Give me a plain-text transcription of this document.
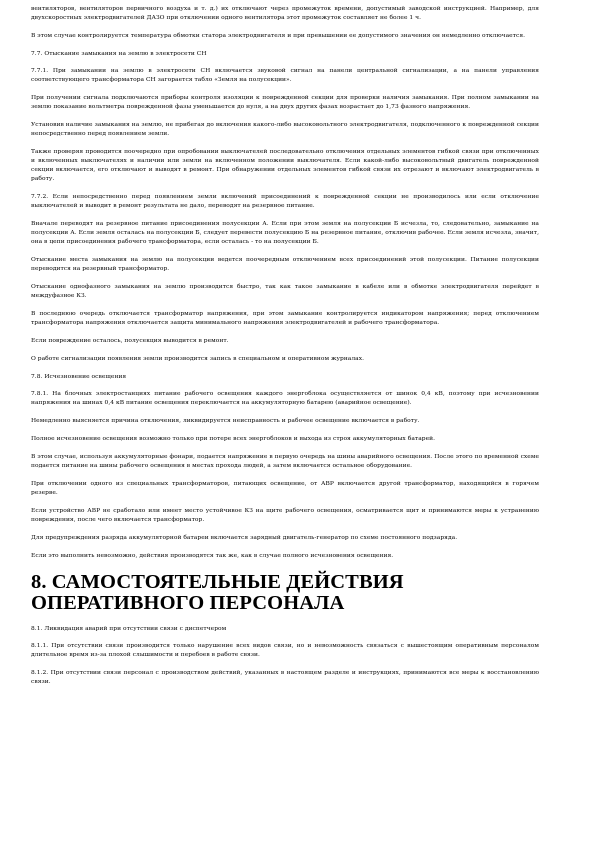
вентиляторов, вентиляторов первичного воздуха и т. д.) их отключают через промежуток времени, допустимый заводской инструкцией. Например, для двухскоростных электродвигателей ДАЗО при отключении одного вентилятора этот промежуток составляет не более 1 ч.

В этом случае контролируется температура обмотки статора электродвигателя и при превышении ее допустимого значения он немедленно отключается.

7.7. Отыскание замыкания на землю в электросети СН

7.7.1. При замыкании на землю в электросети СН включается звуковой сигнал на панели центральной сигнализации, а на панели управления соответствующего трансформатора СН загорается табло «Земля на полусекции».

При получении сигнала подключаются приборы контроля изоляции к поврежденной секции для проверки наличия замыкания. При полном замыкании на землю показание вольтметра поврежденной фазы уменьшается до нуля, а на двух других фазах возрастает до 1,73 фазного напряжения.

Установив наличие замыкания на землю, не прибегая до включения какого-либо высоковольтного электродвигателя, подключенного к поврежденной секции непосредственно перед появлением земли.

Также проверяя проводится поочередно при опробовании выключателей последовательно отключения отдельных элементов гибкой связи при отключенных и включенных выключателях и наличии или земли на включенном положении выключателя. Если какой-либо высоковольтный двигатель поврежденной секции включается, его отключают и выводят в ремонт. При обнаружении отдельных элементов гибкой связи их отрезают и включают электродвигатель в работу.

7.7.2. Если непосредственно перед появлением земли включений присоединений к поврежденной секции не производилось или если отключение выключателей и выводит в ремонт результата не дало, переводят на резервное питание.

Вначале переводят на резервное питание присоединения полусекции А. Если при этом земля на полусекции Б исчезла, то, следовательно, замыкание на полусекции А. Если земля осталась на полусекции Б, следует перевести полусекцию Б на резервное питание, отключив рабочее. Если земля исчезла, значит, она в цепи присоединения рабочего трансформатора, если осталась - то на полусекции Б.

Отыскание места замыкания на землю на полусекции ведется поочередным отключением всех присоединений этой полусекции. Питание полусекции переводится на резервный трансформатор.

Отыскание однофазного замыкания на землю производится быстро, так как такое замыкание в кабеле или в обмотке электродвигателя перейдет в междуфазное КЗ.

В последнюю очередь отключается трансформатор напряжения, при этом замыкание контролируется индикатором напряжения; перед отключением трансформатора напряжения отключается защита минимального напряжения электродвигателей и рабочего трансформатора.

Если повреждение осталось, полусекция выводится в ремонт.

О работе сигнализации появления земли производится запись в специальном и оперативном журналах.

7.8. Исчезновение освещения

7.8.1. На блочных электростанциях питание рабочего освещения каждого энергоблока осуществляется от шинок 0,4 кВ, поэтому при исчезновении напряжения на шинах 0,4 кВ питание освещения переключается на аккумуляторную батарею (аварийное освещение).

Немедленно выясняется причина отключения, ликвидируется неисправность и рабочее освещение включается в работу.

Полное исчезновение освещения возможно только при потере всех энергоблоков и выхода из строя аккумуляторных батарей.

В этом случае, используя аккумуляторные фонари, подается напряжение в первую очередь на шины аварийного освещения. После этого по временной схеме подается питание на шины рабочего освещения в местах прохода людей, а затем включается остальное оборудование.

При отключении одного из специальных трансформаторов, питающих освещение, от АВР включается другой трансформатор, находящийся в горячем резерве.

Если устройство АВР не сработало или имеет место устойчивое КЗ на щите рабочего освещения, осматривается щит и принимаются меры к устранению повреждения, после чего включается трансформатор.

Для предупреждения разряда аккумуляторной батареи включается зарядный двигатель-генератор по схеме постоянного подзаряда.

Если это выполнить невозможно, действия производятся так же, как в случае полного исчезновения освещения.

8. САМОСТОЯТЕЛЬНЫЕ ДЕЙСТВИЯ ОПЕРАТИВНОГО ПЕРСОНАЛА

8.1. Ликвидация аварий при отсутствии связи с диспетчером

8.1.1. При отсутствии связи производится только нарушение всех видов связи, но и невозможность связаться с вышестоящим оперативным персоналом длительное время из-за плохой слышимости и перебоев в работе связи.

8.1.2. При отсутствии связи персонал с производством действий, указанных в настоящем разделе и инструкциях, принимаются все меры к восстановлению связи.
